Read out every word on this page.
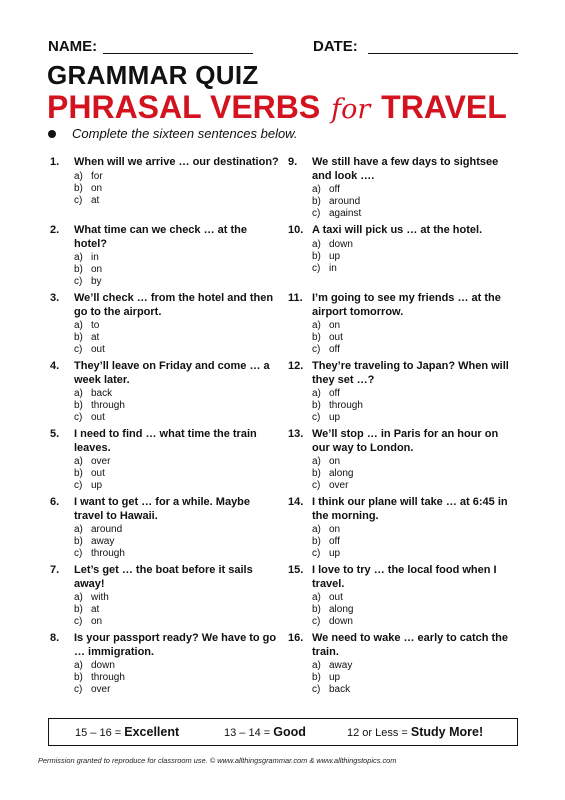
NAME:	DATE:
GRAMMAR QUIZ
PHRASAL VERBS for TRAVEL
Complete the sixteen sentences below.
1.	When will we arrive … our destination?
a) for
b) on
c) at
2.	What time can we check … at the hotel?
a) in
b) on
c) by
3.	We’ll check … from the hotel and then go to the airport.
a) to
b) at
c) out
4.	They’ll leave on Friday and come … a week later.
a) back
b) through
c) out
5.	I need to find … what time the train leaves.
a) over
b) out
c) up
6.	I want to get … for a while. Maybe travel to Hawaii.
a) around
b) away
c) through
7.	Let’s get … the boat before it sails away!
a) with
b) at
c) on
8.	Is your passport ready? We have to go … immigration.
a) down
b) through
c) over
9.	We still have a few days to sightsee and look ….
a) off
b) around
c) against
10. A taxi will pick us … at the hotel.
a) down
b) up
c) in
11. I’m going to see my friends … at the airport tomorrow.
a) on
b) out
c) off
12. They’re traveling to Japan? When will they set …?
a) off
b) through
c) up
13. We’ll stop … in Paris for an hour on our way to London.
a) on
b) along
c) over
14. I think our plane will take … at 6:45 in the morning.
a) on
b) off
c) up
15. I love to try … the local food when I travel.
a) out
b) along
c) down
16. We need to wake … early to catch the train.
a) away
b) up
c) back
15 – 16 = Excellent	13 – 14 = Good	12 or Less = Study More!
Permission granted to reproduce for classroom use. © www.allthingsgrammar.com & www.allthingstopics.com
